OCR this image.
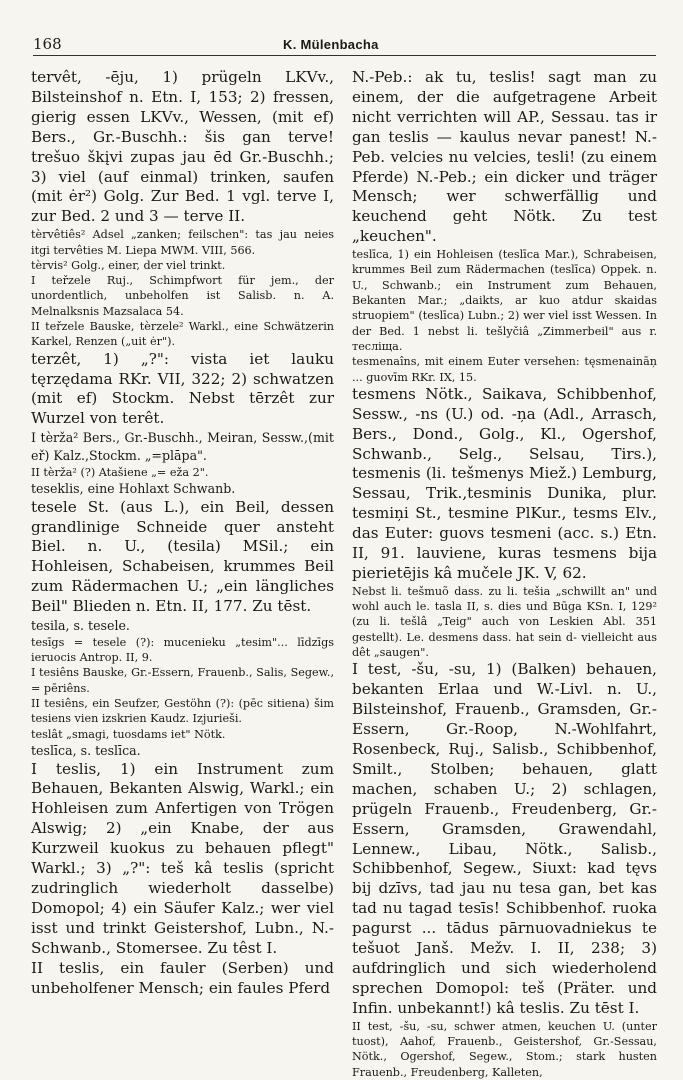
168	K. Mülenbacha

tervêt, -ēju, 1) prügeln LKVv., Bilsteinshof n. Etn. I, 153; 2) fressen, gierig essen LKVv., Wessen, (mit ef) Bers., Gr.-Buschh.: šis gan terve! trešuo škįvi zupas jau ēd Gr.-Buschh.; 3) viel (auf einmal) trinken, saufen (mit ėr²) Golg. Zur Bed. 1 vgl. terve I, zur Bed. 2 und 3 — terve II.

tèrvêtiês² Adsel „zanken; feilschen": tas jau neies itgi tervêties M. Liepa MWM. VIII, 566.

tèrvis² Golg., einer, der viel trinkt.

I teřzele Ruj., Schimpfwort für jem., der unordentlich, unbeholfen ist Salisb. n. A. Melnalksnis Mazsalaca 54.

II teřzele Bauske, tèrzele² Warkl., eine Schwätzerin Karkel, Renzen („uit ėr").

terzêt, 1) „?": vista iet lauku tęrzędama RKr. VII, 322; 2) schwatzen (mit ef) Stockm. Nebst tērzêt zur Wurzel von terêt.

I tèrža² Bers., Gr.-Buschh., Meiran, Sessw.,(mit eř) Kalz.,Stockm. „=plāpa".

II tèrža² (?) Atašiene „= eža 2".

teseklis, eine Hohlaxt Schwanb.

tesele St. (aus L.), ein Beil, dessen grandlinige Schneide quer ansteht Biel. n. U., (tesila) MSil.; ein Hohleisen, Schabeisen, krummes Beil zum Rädermachen U.; „ein längliches Beil" Blieden n. Etn. II, 177. Zu tēst.

tesila, s. tesele.

tesīgs = tesele (?): mucenieku „tesim"... līdzīgs ieruocis Antrop. II, 9.

I tesiêns Bauske, Gr.-Essern, Frauenb., Salis, Segew., = pēriêns.

II tesiêns, ein Seufzer, Gestöhn (?): (pēc sitiena) šim tesiens vien izskrien Kaudz. Izjurieši.

teslât „smagi, tuosdams iet" Nötk.

teslīca, s. teslīca.

I teslis, 1) ein Instrument zum Behauen, Bekanten Alswig, Warkl.; ein Hohleisen zum Anfertigen von Trögen Alswig; 2) „ein Knabe, der aus Kurzweil kuokus zu behauen pflegt" Warkl.; 3) „?": teš kâ teslis (spricht zudringlich wiederholt dasselbe) Domopol; 4) ein Säufer Kalz.; wer viel isst und trinkt Geistershof, Lubn., N.-Schwanb., Stomersee. Zu têst I.

II teslis, ein fauler (Serben) und unbeholfener Mensch; ein faules Pferd

N.-Peb.: ak tu, teslis! sagt man zu einem, der die aufgetragene Arbeit nicht verrichten will AP., Sessau. tas ir gan teslis — kaulus nevar panest! N.-Peb. velcies nu velcies, tesli! (zu einem Pferde) N.-Peb.; ein dicker und träger Mensch; wer schwerfällig und keuchend geht Nötk. Zu test „keuchen".

teslīca, 1) ein Hohleisen (teslīca Mar.), Schrabeisen, krummes Beil zum Rädermachen (teslīca) Oppek. n. U., Schwanb.; ein Instrument zum Behauen, Bekanten Mar.; „daikts, ar kuo atdur skaidas struopiem" (teslīca) Lubn.; 2) wer viel isst Wessen. In der Bed. 1 nebst li. tešlyčiâ „Zimmerbeil" aus r. тесліща.

tesmenaîns, mit einem Euter versehen: tęsmenaināņ ... guovīm RKr. IX, 15.

tesmens Nötk., Saikava, Schibbenhof, Sessw., -ns (U.) od. -ņa (Adl., Arrasch, Bers., Dond., Golg., Kl., Ogershof, Schwanb., Selg., Selsau, Tirs.), tesmenis (li. tešmenys Miež.) Lemburg, Sessau, Trik.,tesminis Dunika, plur. tesmiņi St., tesmine PlKur., tesms Elv., das Euter: guovs tesmeni (acc. s.) Etn. II, 91. lauviene, kuras tesmens bija pierietējis kâ mučele JK. V, 62.

Nebst li. tešmuõ dass. zu li. tešia „schwillt an" und wohl auch le. tasla II, s. dies und Būga KSn. I, 129² (zu li. tešlâ „Teig" auch von Leskien Abl. 351 gestellt). Le. desmens dass. hat sein d- vielleicht aus dêt „saugen".

I test, -šu, -su, 1) (Balken) behauen, bekanten Erlaa und W.-Livl. n. U., Bilsteinshof, Frauenb., Gramsden, Gr.-Essern, Gr.-Roop, N.-Wohlfahrt, Rosenbeck, Ruj., Salisb., Schibbenhof, Smilt., Stolben; behauen, glatt machen, schaben U.; 2) schlagen, prügeln Frauenb., Freudenberg, Gr.-Essern, Gramsden, Grawendahl, Lennew., Libau, Nötk., Salisb., Schibbenhof, Segew., Siuxt: kad tęvs bij dzīvs, tad jau nu tesa gan, bet kas tad nu tagad tesīs! Schibbenhof. ruoka pagurst ... tādus pārnuovadniekus te tešuot Janš. Mežv. I. II, 238; 3) aufdringlich und sich wiederholend sprechen Domopol: teš (Präter. und Infin. unbekannt!) kâ teslis. Zu tēst I.

II test, -šu, -su, schwer atmen, keuchen U. (unter tuost), Aahof, Frauenb., Geistershof, Gr.-Sessau, Nötk., Ogershof, Segew., Stom.; stark husten Frauenb., Freudenberg, Kalleten,
